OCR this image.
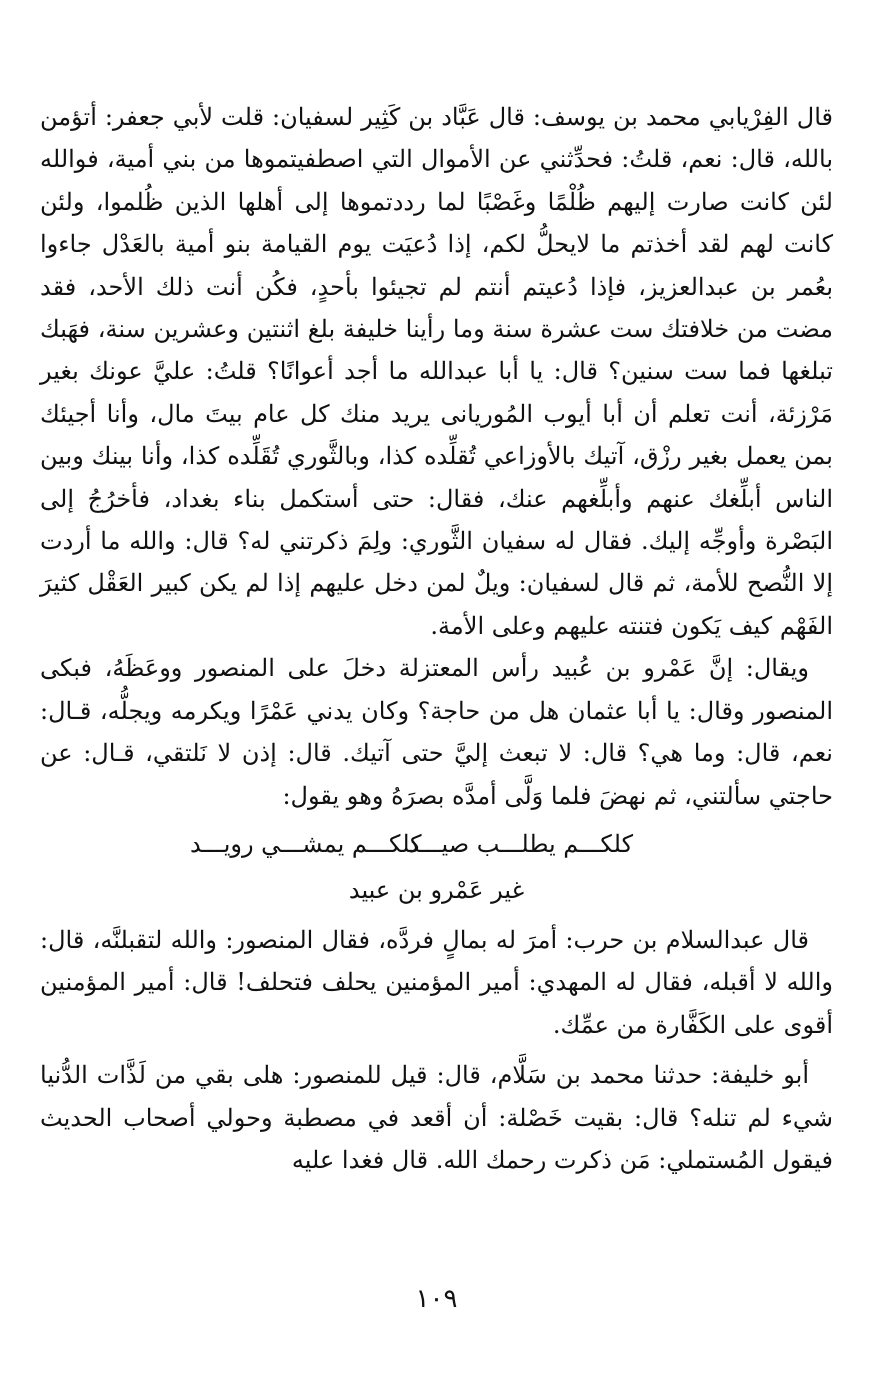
قال الفِرْيابي محمد بن يوسف: قال عَبَّاد بن كَثِير لسفيان: قلت لأبي جعفر: أتؤمن بالله، قال: نعم، قلتُ: فحدِّثني عن الأموال التي اصطفيتموها من بني أمية، فوالله لئن كانت صارت إليهم ظُلْمًا وغَصْبًا لما رددتموها إلى أهلها الذين ظُلموا، ولئن كانت لهم لقد أخذتم ما لايحلُّ لكم، إذا دُعيَت يوم القيامة بنو أمية بالعَدْل جاءوا بعُمر بن عبدالعزيز، فإذا دُعيتم أنتم لم تجيئوا بأحدٍ، فكُن أنت ذلك الأحد، فقد مضت من خلافتك ست عشرة سنة وما رأينا خليفة بلغ اثنتين وعشرين سنة، فهَبك تبلغها فما ست سنين؟ قال: يا أبا عبدالله ما أجد أعوانًا؟ قلتُ: عليَّ عونك بغير مَرْزئة، أنت تعلم أن أبا أيوب المُوريانى يريد منك كل عام بيتَ مال، وأنا أجيئك بمن يعمل بغير رزْق، آتيك بالأوزاعي تُقلِّده كذا، وبالثَّوري تُقَلِّده كذا، وأنا بينك وبين الناس أبلِّغك عنهم وأبلِّغهم عنك، فقال: حتى أستكمل بناء بغداد، فأخرُجُ إلى البَصْرة وأوجِّه إليك. فقال له سفيان الثَّوري: ولِمَ ذكرتني له؟ قال: والله ما أردت إلا النُّصح للأمة، ثم قال لسفيان: ويلٌ لمن دخل عليهم إذا لم يكن كبير العَقْل كثيرَ الفَهْم كيف يَكون فتنته عليهم وعلى الأمة.

ويقال: إنَّ عَمْرو بن عُبيد رأس المعتزلة دخلَ على المنصور ووعَظَهُ، فبكى المنصور وقال: يا أبا عثمان هل من حاجة؟ وكان يدني عَمْرًا ويكرمه ويجلُّه، قـال: نعم، قال: وما هي؟ قال: لا تبعث إليَّ حتى آتيك. قال: إذن لا نَلتقي، قـال: عن حاجتي سألتني، ثم نهضَ فلما وَلَّى أمدَّه بصرَهُ وهو يقول:

كلكـــم يطلـــب صيـــد
كلكـــم يمشـــي رويـــد
غير عَمْرو بن عبيد

قال عبدالسلام بن حرب: أمرَ له بمالٍ فردَّه، فقال المنصور: والله لتقبلنَّه، قال: والله لا أقبله، فقال له المهدي: أمير المؤمنين يحلف فتحلف! قال: أمير المؤمنين أقوى على الكَفَّارة من عمِّك.

أبو خليفة: حدثنا محمد بن سَلَّام، قال: قيل للمنصور: هلى بقي من لَذَّات الدُّنيا شيء لم تنله؟ قال: بقيت خَصْلة: أن أقعد في مصطبة وحولي أصحاب الحديث فيقول المُستملي: مَن ذكرت رحمك الله. قال فغدا عليه

١٠٩
